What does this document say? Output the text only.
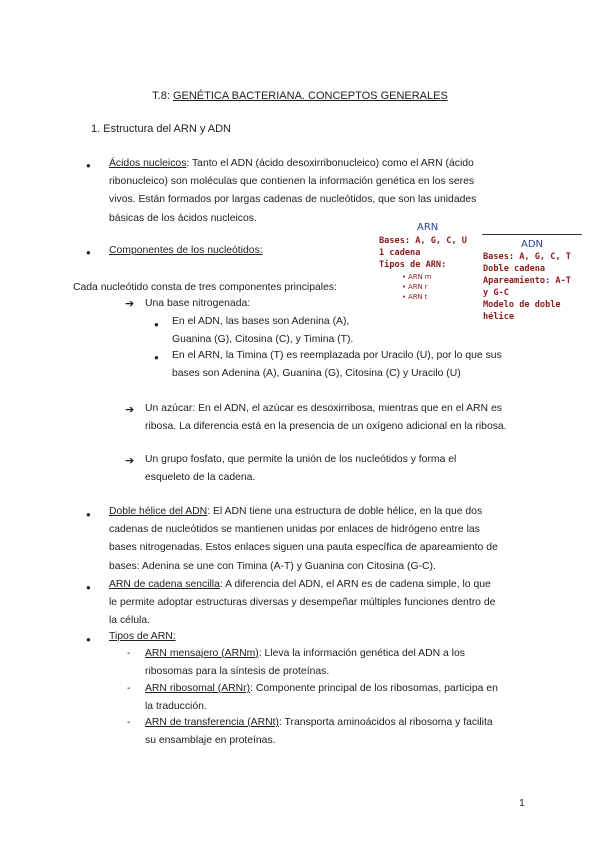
T.8: GENÉTICA BACTERIANA. CONCEPTOS GENERALES
1. Estructura del ARN y ADN
● Ácidos nucleicos: Tanto el ADN (ácido desoxirribonucleico) como el ARN (ácido
ribonucleico) son moléculas que contienen la información genética en los seres
vivos. Están formados por largas cadenas de nucleótidos, que son las unidades
básicas de los ácidos nucleicos.
● Componentes de los nucleótidos:
Cada nucleótido consta de tres componentes principales:
➔ Una base nitrogenada:
● En el ADN, las bases son Adenina (A),
Guanina (G), Citosina (C), y Timina (T).
● En el ARN, la Timina (T) es reemplazada por Uracilo (U), por lo que sus
bases son Adenina (A), Guanina (G), Citosina (C) y Uracilo (U)
➔ Un azúcar: En el ADN, el azúcar es desoxirribosa, mientras que en el ARN es
ribosa. La diferencia está en la presencia de un oxígeno adicional en la ribosa.
➔ Un grupo fosfato, que permite la unión de los nucleótidos y forma el
esqueleto de la cadena.
● Doble hélice del ADN: El ADN tiene una estructura de doble hélice, en la que dos
cadenas de nucleótidos se mantienen unidas por enlaces de hidrógeno entre las
bases nitrogenadas. Estos enlaces siguen una pauta específica de apareamiento de
bases: Adenina se une con Timina (A-T) y Guanina con Citosina (G-C).
● ARN de cadena sencilla: A diferencia del ADN, el ARN es de cadena simple, lo que
le permite adoptar estructuras diversas y desempeñar múltiples funciones dentro de
la célula.
● Tipos de ARN:
- ARN mensajero (ARNm): Lleva la información genética del ADN a los
ribosomas para la síntesis de proteínas.
- ARN ribosomal (ARNr): Componente principal de los ribosomas, participa en
la traducción.
- ARN de transferencia (ARNt): Transporta aminoácidos al ribosoma y facilita
su ensamblaje en proteínas.
ARN
Bases: A, G, C, U
1 cadena
Tipos de ARN:
• ARN m
• ARN r
• ARN t
ADN
Bases: A, G, C, T
Doble cadena
Apareamiento: A-T
y G-C
Modelo de doble
hélice
1
